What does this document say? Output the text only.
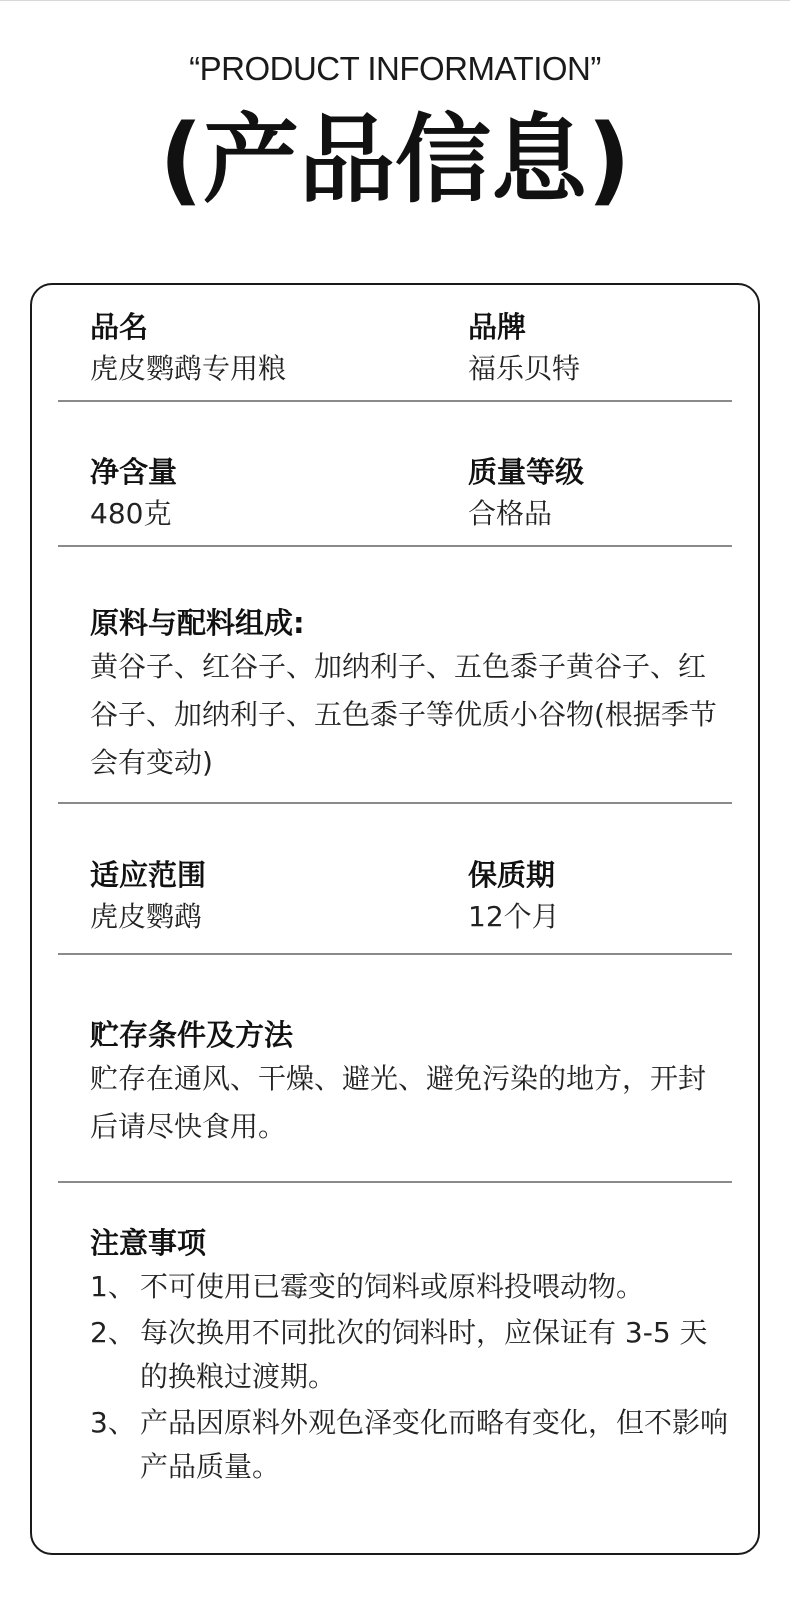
“PRODUCT INFORMATION”
(产品信息)
品名
虎皮鹦鹉专用粮
品牌
福乐贝特
净含量
480克
质量等级
合格品
原料与配料组成:
黄谷子、红谷子、加纳利子、五色黍子黄谷子、红谷子、加纳利子、五色黍子等优质小谷物(根据季节会有变动)
适应范围
虎皮鹦鹉
保质期
12个月
贮存条件及方法
贮存在通风、干燥、避光、避免污染的地方，开封后请尽快食用。
注意事项
1、 不可使用已霉变的饲料或原料投喂动物。
2、 每次换用不同批次的饲料时，应保证有 3-5 天的换粮过渡期。
3、 产品因原料外观色泽变化而略有变化，但不影响产品质量。
